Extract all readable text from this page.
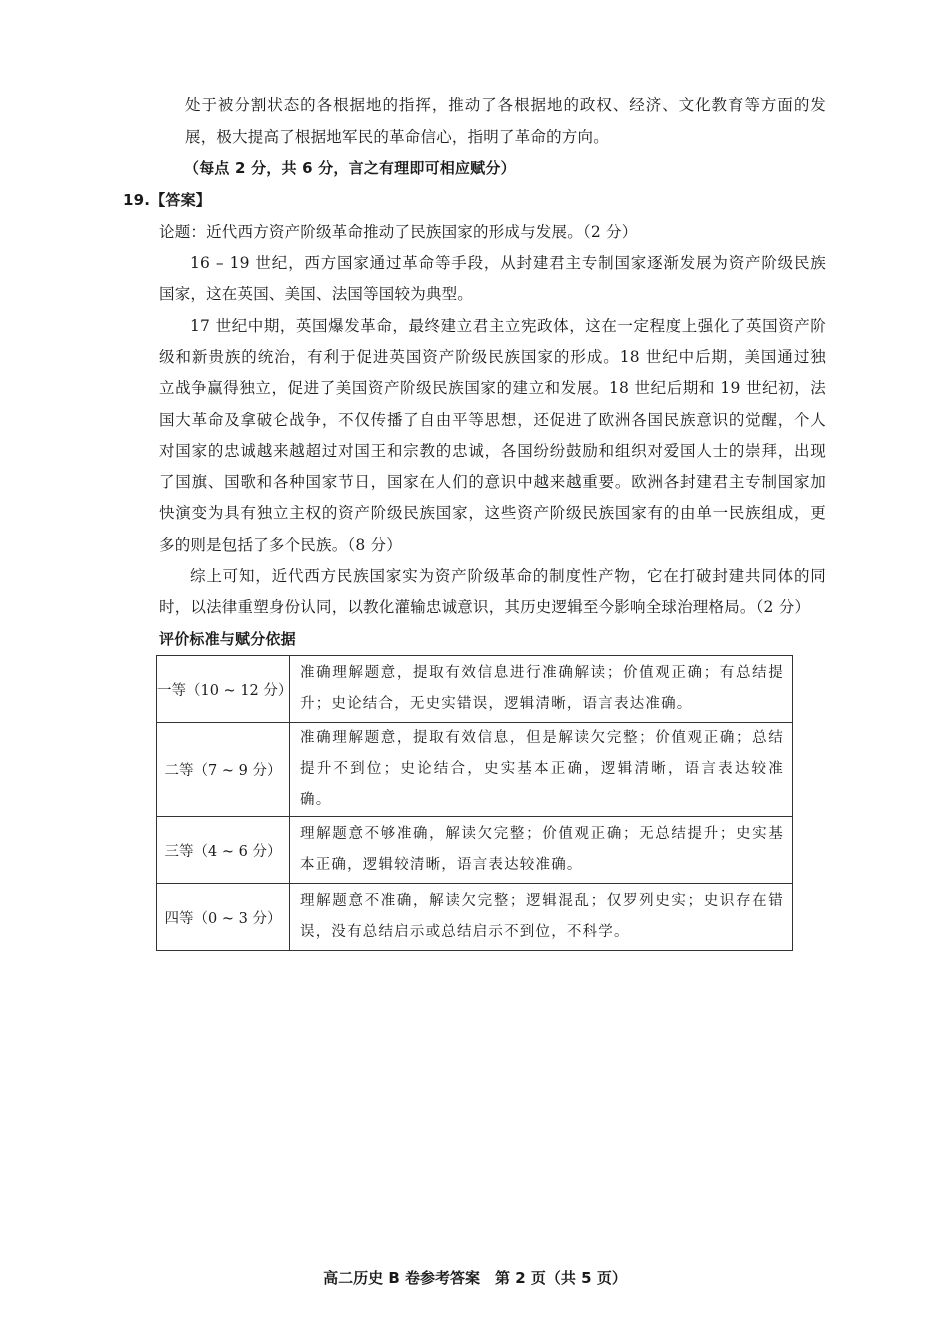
处于被分割状态的各根据地的指挥，推动了各根据地的政权、经济、文化教育等方面的发
展，极大提高了根据地军民的革命信心，指明了革命的方向。
（每点 2 分，共 6 分，言之有理即可相应赋分）
19.【答案】
论题：近代西方资产阶级革命推动了民族国家的形成与发展。（2 分）
16 – 19 世纪，西方国家通过革命等手段，从封建君主专制国家逐渐发展为资产阶级民族
国家，这在英国、美国、法国等国较为典型。
17 世纪中期，英国爆发革命，最终建立君主立宪政体，这在一定程度上强化了英国资产阶
级和新贵族的统治，有利于促进英国资产阶级民族国家的形成。18 世纪中后期，美国通过独
立战争赢得独立，促进了美国资产阶级民族国家的建立和发展。18 世纪后期和 19 世纪初，法
国大革命及拿破仑战争，不仅传播了自由平等思想，还促进了欧洲各国民族意识的觉醒，个人
对国家的忠诚越来越超过对国王和宗教的忠诚，各国纷纷鼓励和组织对爱国人士的崇拜，出现
了国旗、国歌和各种国家节日，国家在人们的意识中越来越重要。欧洲各封建君主专制国家加
快演变为具有独立主权的资产阶级民族国家，这些资产阶级民族国家有的由单一民族组成，更
多的则是包括了多个民族。（8 分）
综上可知，近代西方民族国家实为资产阶级革命的制度性产物，它在打破封建共同体的同
时，以法律重塑身份认同，以教化灌输忠诚意识，其历史逻辑至今影响全球治理格局。（2 分）
评价标准与赋分依据
一等（10 ~ 12 分）	准确理解题意，提取有效信息进行准确解读；价值观正确；有总结提升；史论结合，无史实错误，逻辑清晰，语言表达准确。
二等（7 ~ 9 分）	准确理解题意，提取有效信息，但是解读欠完整；价值观正确；总结提升不到位；史论结合，史实基本正确，逻辑清晰，语言表达较准确。
三等（4 ~ 6 分）	理解题意不够准确，解读欠完整；价值观正确；无总结提升；史实基本正确，逻辑较清晰，语言表达较准确。
四等（0 ~ 3 分）	理解题意不准确，解读欠完整；逻辑混乱；仅罗列史实；史识存在错误，没有总结启示或总结启示不到位，不科学。
高二历史 B 卷参考答案　第 2 页（共 5 页）
